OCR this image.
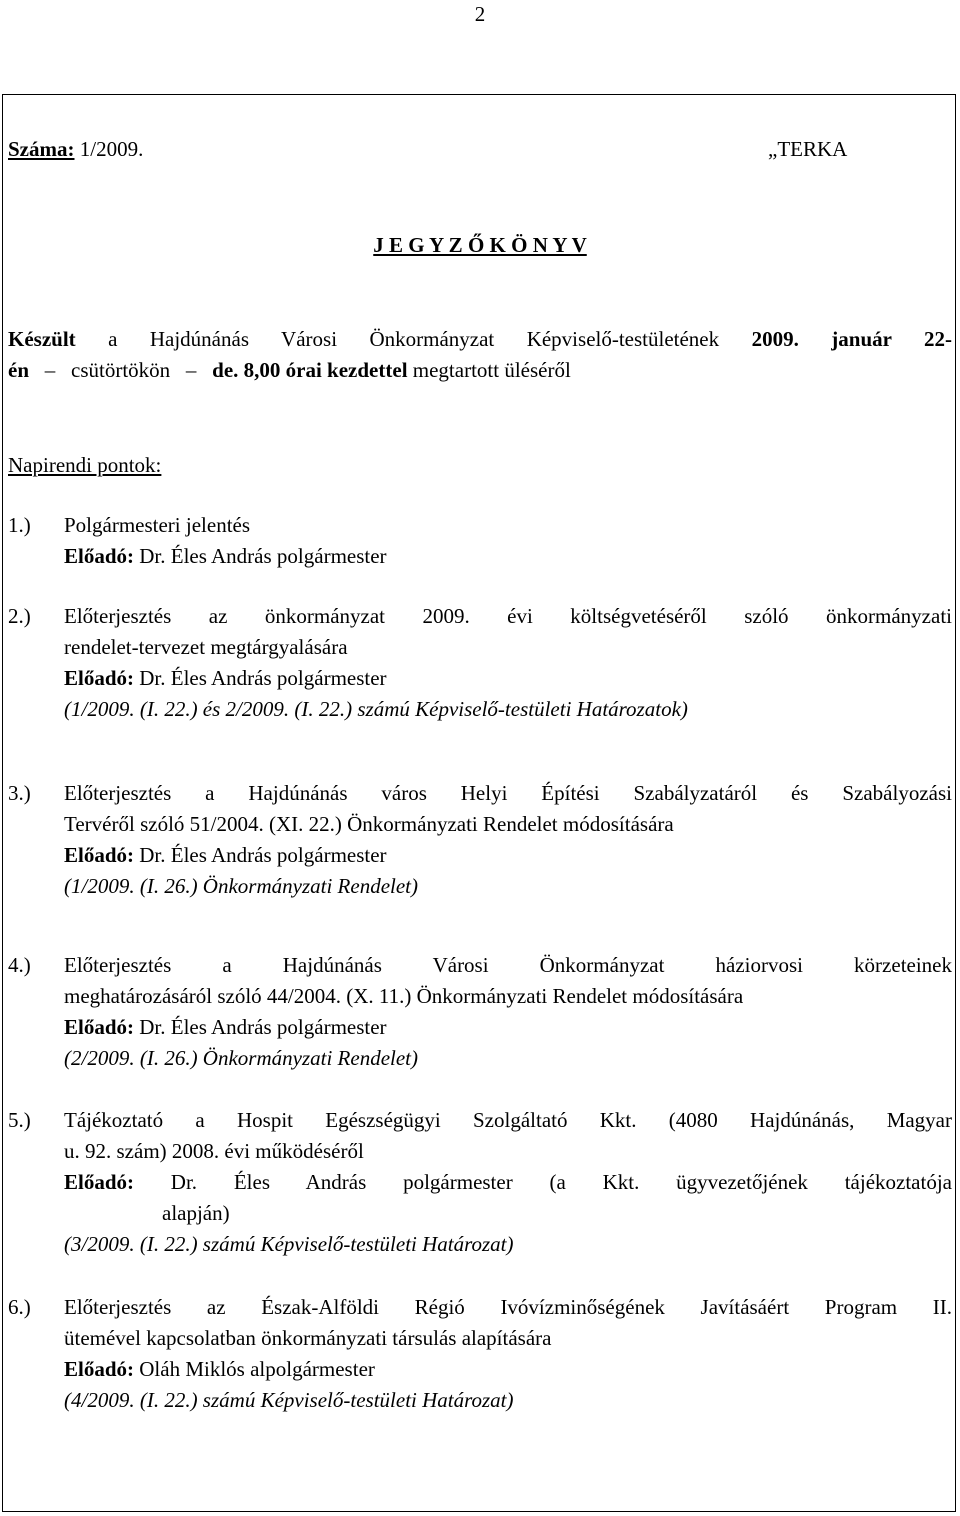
2
Száma: 1/2009.	„TERKA
J E G Y Z Ő K Ö N Y V
Készült a Hajdúnánás Városi Önkormányzat Képviselő-testületének 2009. január 22-
én – csütörtökön – de. 8,00 órai kezdettel megtartott üléséről
Napirendi pontok:
1.) Polgármesteri jelentés
Előadó: Dr. Éles András polgármester
2.) Előterjesztés az önkormányzat 2009. évi költségvetéséről szóló önkormányzati
rendelet-tervezet megtárgyalására
Előadó: Dr. Éles András polgármester
(1/2009. (I. 22.) és 2/2009. (I. 22.) számú Képviselő-testületi Határozatok)
3.) Előterjesztés a Hajdúnánás város Helyi Építési Szabályzatáról és Szabályozási
Tervéről szóló 51/2004. (XI. 22.) Önkormányzati Rendelet módosítására
Előadó: Dr. Éles András polgármester
(1/2009. (I. 26.) Önkormányzati Rendelet)
4.) Előterjesztés a Hajdúnánás Városi Önkormányzat háziorvosi körzeteinek
meghatározásáról szóló 44/2004. (X. 11.) Önkormányzati Rendelet módosítására
Előadó: Dr. Éles András polgármester
(2/2009. (I. 26.) Önkormányzati Rendelet)
5.) Tájékoztató a Hospit Egészségügyi Szolgáltató Kkt. (4080 Hajdúnánás, Magyar
u. 92. szám) 2008. évi működéséről
Előadó: Dr. Éles András polgármester (a Kkt. ügyvezetőjének tájékoztatója
alapján)
(3/2009. (I. 22.) számú Képviselő-testületi Határozat)
6.) Előterjesztés az Észak-Alföldi Régió Ivóvízminőségének Javításáért Program II.
ütemével kapcsolatban önkormányzati társulás alapítására
Előadó: Oláh Miklós alpolgármester
(4/2009. (I. 22.) számú Képviselő-testületi Határozat)
